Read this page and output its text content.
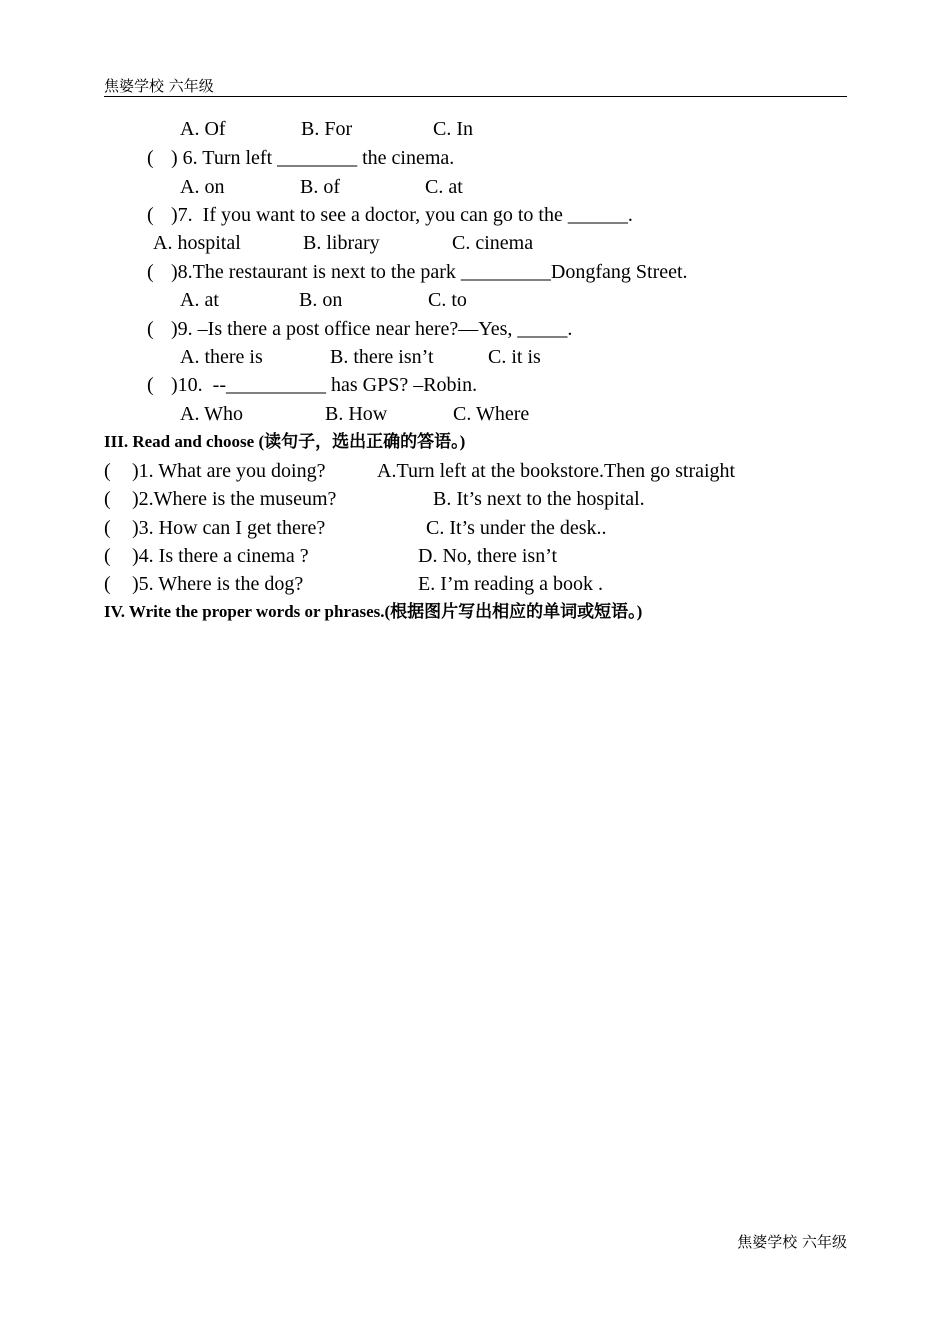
焦婆学校 六年级
A. Of	B. For	C. In
( ) 6. Turn left ________ the cinema.
A. on	B. of	C. at
( )7.  If you want to see a doctor, you can go to the ______.
A. hospital	B. library	C. cinema
( )8.The restaurant is next to the park _________Dongfang Street.
A. at	B. on	C. to
( )9. –Is there a post office near here?—Yes, _____.
A. there is	B. there isn’t	C. it is
( )10.  --__________ has GPS? –Robin.
A. Who	B. How	C. Where
III. Read and choose (读句子，选出正确的答语。)
( )1. What are you doing?	A.Turn left at the bookstore.Then go straight
( )2.Where is the museum?	B. It’s next to the hospital.
( )3. How can I get there?	C. It’s under the desk..
( )4. Is there a cinema ?	D. No, there isn’t
( )5. Where is the dog?	E. I’m reading a book .
IV. Write the proper words or phrases.(根据图片写出相应的单词或短语。)
焦婆学校 六年级
